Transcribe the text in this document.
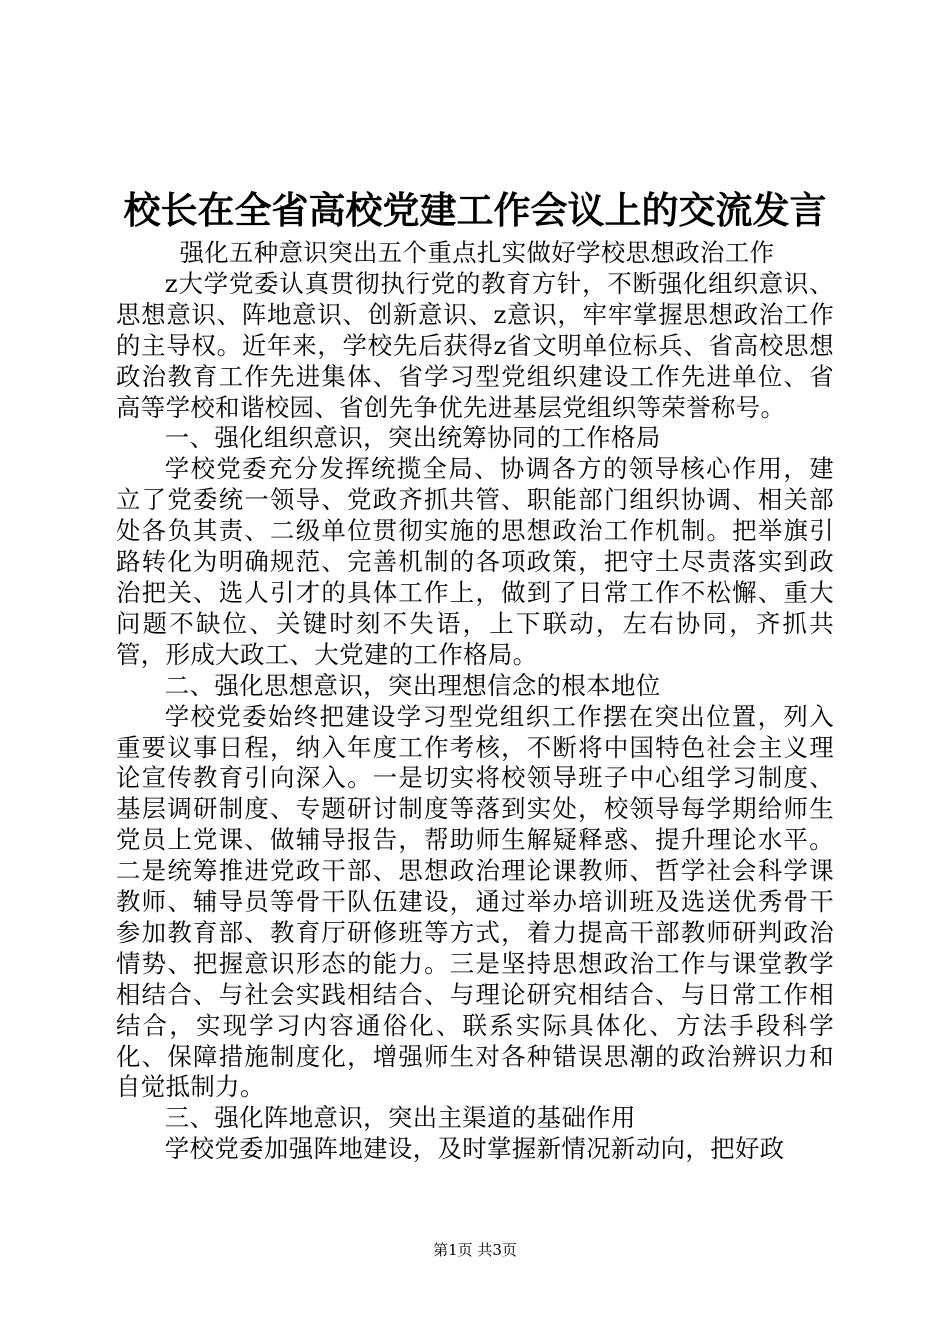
校长在全省高校党建工作会议上的交流发言

强化五种意识突出五个重点扎实做好学校思想政治工作

z大学党委认真贯彻执行党的教育方针，不断强化组织意识、思想意识、阵地意识、创新意识、z意识，牢牢掌握思想政治工作的主导权。近年来，学校先后获得z省文明单位标兵、省高校思想政治教育工作先进集体、省学习型党组织建设工作先进单位、省高等学校和谐校园、省创先争优先进基层党组织等荣誉称号。

一、强化组织意识，突出统筹协同的工作格局

学校党委充分发挥统揽全局、协调各方的领导核心作用，建立了党委统一领导、党政齐抓共管、职能部门组织协调、相关部处各负其责、二级单位贯彻实施的思想政治工作机制。把举旗引路转化为明确规范、完善机制的各项政策，把守土尽责落实到政治把关、选人引才的具体工作上，做到了日常工作不松懈、重大问题不缺位、关键时刻不失语，上下联动，左右协同，齐抓共管，形成大政工、大党建的工作格局。

二、强化思想意识，突出理想信念的根本地位

学校党委始终把建设学习型党组织工作摆在突出位置，列入重要议事日程，纳入年度工作考核，不断将中国特色社会主义理论宣传教育引向深入。一是切实将校领导班子中心组学习制度、基层调研制度、专题研讨制度等落到实处，校领导每学期给师生党员上党课、做辅导报告，帮助师生解疑释惑、提升理论水平。二是统筹推进党政干部、思想政治理论课教师、哲学社会科学课教师、辅导员等骨干队伍建设，通过举办培训班及选送优秀骨干参加教育部、教育厅研修班等方式，着力提高干部教师研判政治情势、把握意识形态的能力。三是坚持思想政治工作与课堂教学相结合、与社会实践相结合、与理论研究相结合、与日常工作相结合，实现学习内容通俗化、联系实际具体化、方法手段科学化、保障措施制度化，增强师生对各种错误思潮的政治辨识力和自觉抵制力。

三、强化阵地意识，突出主渠道的基础作用

学校党委加强阵地建设，及时掌握新情况新动向，把好政

第1页 共3页
